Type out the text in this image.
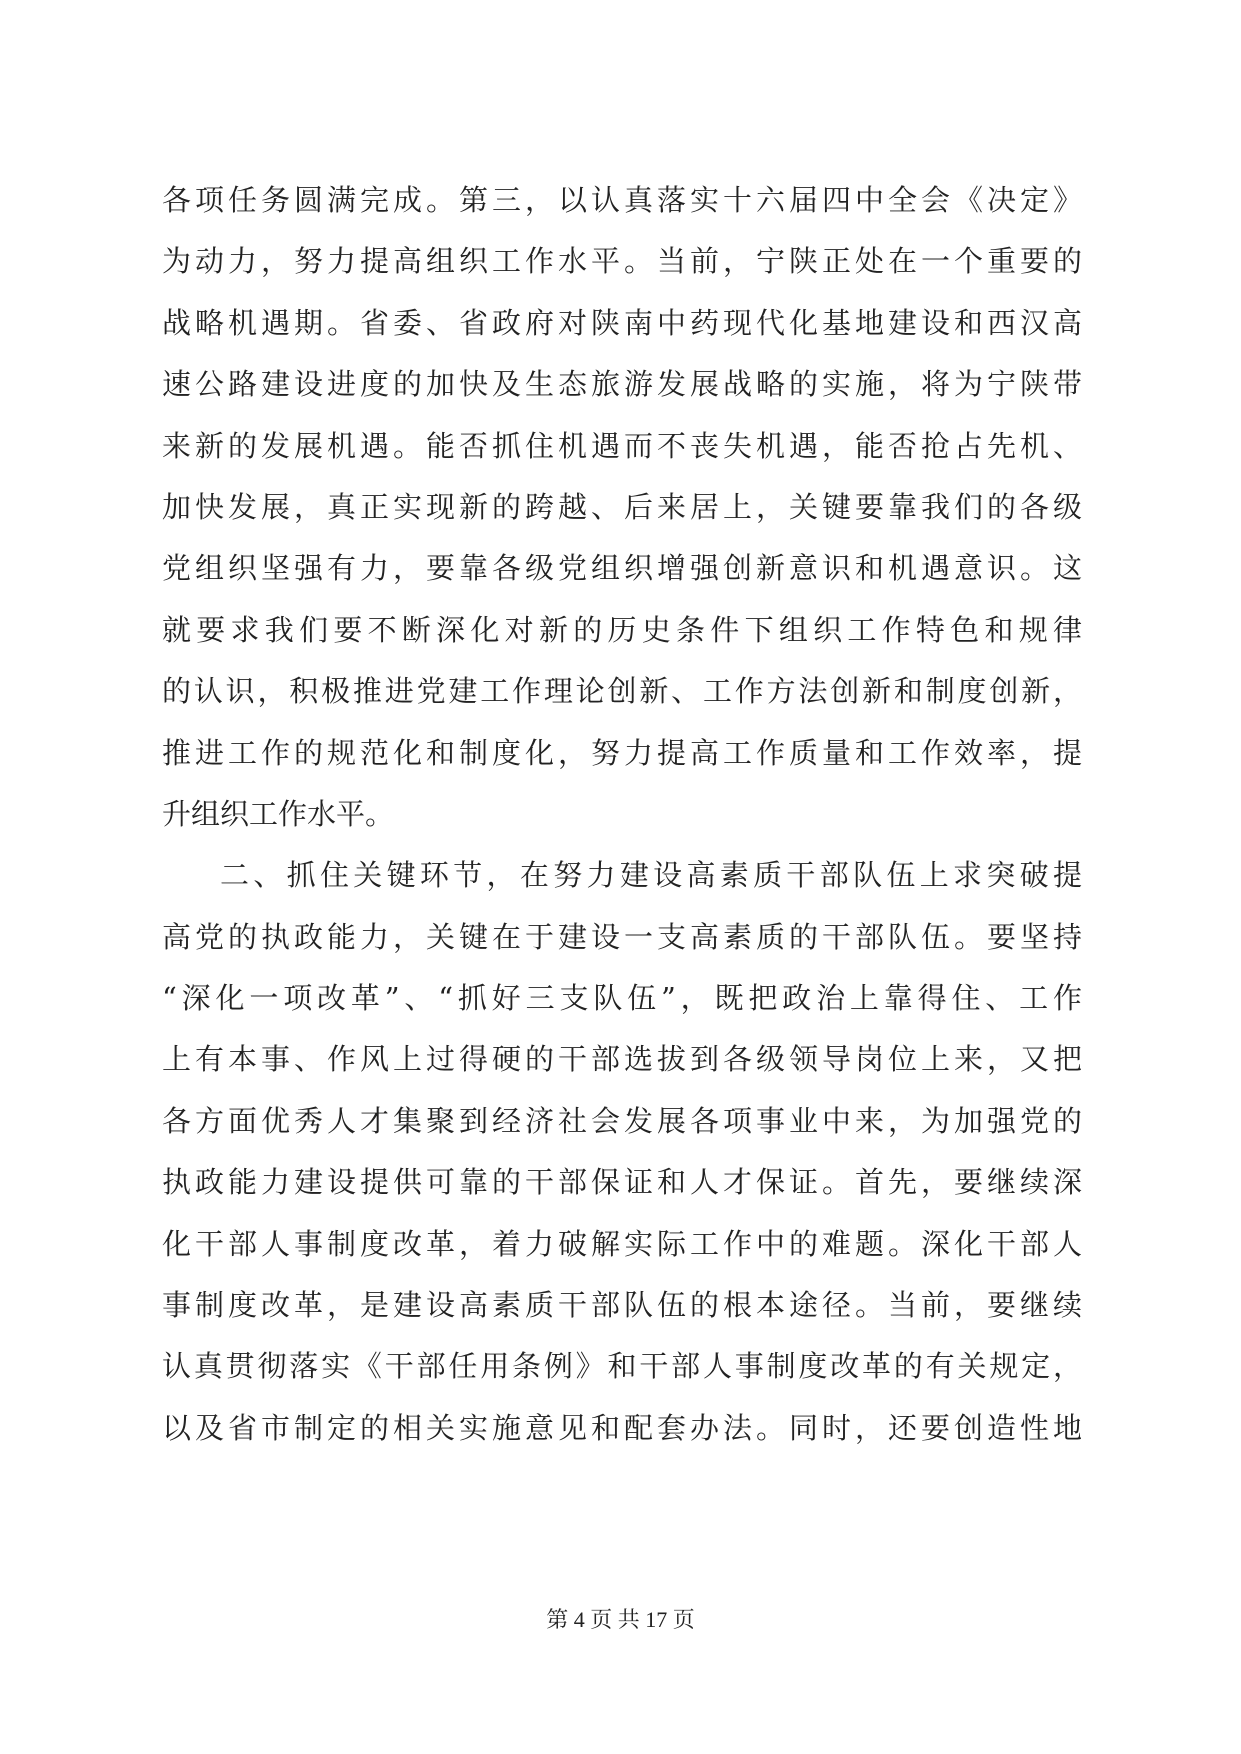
各项任务圆满完成。第三，以认真落实十六届四中全会《决定》
为动力，努力提高组织工作水平。当前，宁陕正处在一个重要的
战略机遇期。省委、省政府对陕南中药现代化基地建设和西汉高
速公路建设进度的加快及生态旅游发展战略的实施，将为宁陕带
来新的发展机遇。能否抓住机遇而不丧失机遇，能否抢占先机、
加快发展，真正实现新的跨越、后来居上，关键要靠我们的各级
党组织坚强有力，要靠各级党组织增强创新意识和机遇意识。这
就要求我们要不断深化对新的历史条件下组织工作特色和规律
的认识，积极推进党建工作理论创新、工作方法创新和制度创新，
推进工作的规范化和制度化，努力提高工作质量和工作效率，提
升组织工作水平。
二、抓住关键环节，在努力建设高素质干部队伍上求突破提
高党的执政能力，关键在于建设一支高素质的干部队伍。要坚持
“深化一项改革”、“抓好三支队伍”，既把政治上靠得住、工作
上有本事、作风上过得硬的干部选拔到各级领导岗位上来，又把
各方面优秀人才集聚到经济社会发展各项事业中来，为加强党的
执政能力建设提供可靠的干部保证和人才保证。首先，要继续深
化干部人事制度改革，着力破解实际工作中的难题。深化干部人
事制度改革，是建设高素质干部队伍的根本途径。当前，要继续
认真贯彻落实《干部任用条例》和干部人事制度改革的有关规定，
以及省市制定的相关实施意见和配套办法。同时，还要创造性地
第 4 页 共 17 页
